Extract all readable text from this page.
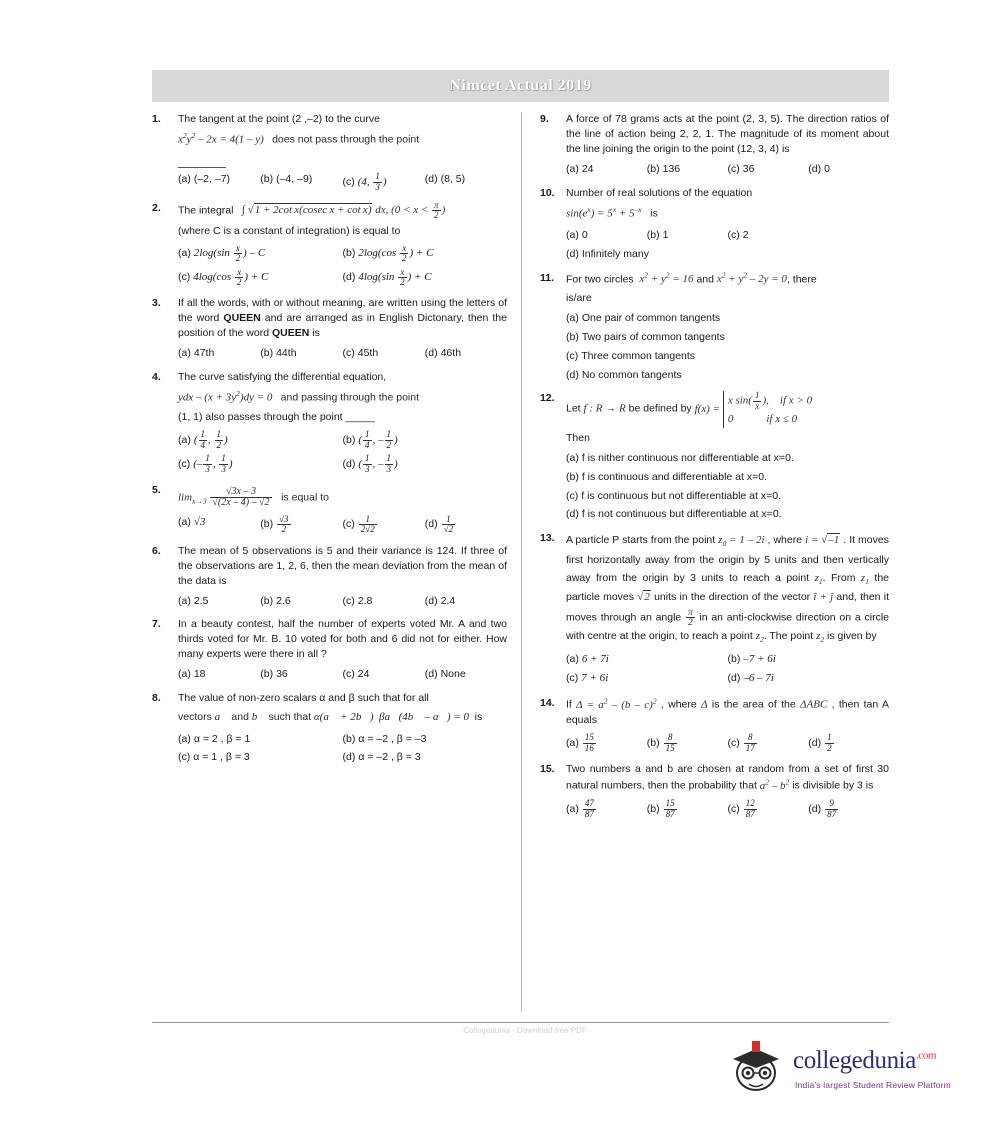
Nimcet Actual 2019
1.	The tangent at the point (2 ,–2) to the curve
$x^2y^2 - 2x = 4(1 - y)$   does not pass through the point

(a) (–2, –7)	(b) (–4, –9)	(c) (4, $\frac{1}{3}$ )	(d) (8, 5)
2.	The integral   ∫ √1 + 2cot x(cosec x + cot x) dx, ($0 < x < \frac{\pi}{2}$ )
(where C is a constant of integration) is equal to
(a) $2\log(\sin \frac{x}{2}$ ) – C	(b) $2\log(\cos \frac{x}{2}$ ) + C
(c) $4\log(\cos \frac{x}{2}$ ) + C	(d) $4\log(\sin \frac{x}{2}$ ) + C
3.	If all the words, with or without meaning, are written using the letters of the word QUEEN and are arranged as in English Dictonary, then the position of the word QUEEN is
(a) 47th	(b) 44th	(c) 45th	(d) 46th
4.	The curve satisfying the differential equation,
ydx – $(x + 3y^2)dy = 0$   and passing through the point
(1, 1) also passes through the point _____
(a) ( $\frac{1}{4}$ , $\frac{1}{2}$ )	(b) ( $\frac{1}{4}$ , – $\frac{1}{2}$ )
(c) (– $\frac{1}{3}$ , $\frac{1}{3}$ )	(d) ( $\frac{1}{3}$ , – $\frac{1}{3}$ )
5.
$\lim_{x\to 3} \frac{√3x - 3}{√(2x - 4) - √2}$ is equal to
(a) √3	$(b) \frac{√3}{2}$	$(c) \frac{1}{2√2}$	$(d) \frac{1}{√2}$
6.	The mean of 5 observations is 5 and their variance is 124. If three of the observations are 1, 2, 6, then the mean deviation from the mean of the data is
(a) 2.5	(b) 2.6	(c) 2.8	(d) 2.4
7.	In a beauty contest, half the number of experts voted Mr. A and two thirds voted for Mr. B. 10 voted for both and 6 did not for either. How many experts were there in all ?
(a) 18	(b) 36	(c) 24	(d) None
8.	The value of non-zero scalars α and β such that for all
vectors a⃗ and b⃗ such that α(a⃗ + 2b⃗)  βa⃗(4b⃗ – a⃗) = 0  is
(a) α = 2 , β = 1	(b) α = –2 , β = –3
(c) α = 1 , β = 3	(d) α = –2 , β = 3
9.	A force of 78 grams acts at the point (2, 3, 5). The direction ratios of the line of action being 2, 2, 1. The magnitude of its moment about the line joining the origin to the point (12, 3, 4) is
(a) 24	(b) 136	(c) 36	(d) 0
10.	Number of real solutions of the equation
$\sin(e^x) = 5^x + 5^{-x}$   is
(a) 0	(b) 1	(c) 2
(d) Infinitely many
11.	For two circles $x^2 + y^2 = 16$ and $x^2 + y^2 - 2y = 0$, there
is/are
(a) One pair of common tangents
(b) Two pairs of common tangents
(c) Three common tangents
(d) No common tangents
12.
Let f : R → R be defined by f(x) =
x $\sin( \frac{1}{x}$ ),    if x > 0
0            if x ≤ 0
Then
(a) f is nither continuous nor differentiable at x=0.
(b) f is continuous and differentiable at x=0.
(c) f is continuous but not differentiable at x=0.
(d) f is not continuous but differentiable at x=0.
13.	A particle P starts from the point $z_0 = 1 - 2i$ , where i = √–1 . It moves first horizontally away from the origin by 5 units and then vertically away from the origin by 3 units to reach a point $z_1$. From $z_1$ the particle moves √2 units in the direction of the vector î + ĵ and, then it moves through an angle $\frac{\pi}{2}$ in an anti-clockwise direction on a circle with centre at the origin, to reach a point $z_2$. The point $z_2$ is given by
(a) 6 + 7i	(b) –7 + 6i
(c) 7 + 6i	(d) –6 – 7i
14.	If $\Delta = a^2 - (b - c)^2$ , where Δ is the area of the ΔABC , then tan A equals
$(a) \frac{15}{16}$	$(b) \frac{8}{15}$	$(c) \frac{8}{17}$	$(d) \frac{1}{2}$
15.	Two numbers a and b are chosen at random from a set of first 30 natural numbers, then the probability that $a^2 - b^2$ is divisible by 3 is
$(a) \frac{47}{87}$	$(b) \frac{15}{87}$	$(c) \frac{12}{87}$	$(d) \frac{9}{87}$
Collegedunia - Download free PDF
collegedunia$^{.com}$
India's largest Student Review Platform
